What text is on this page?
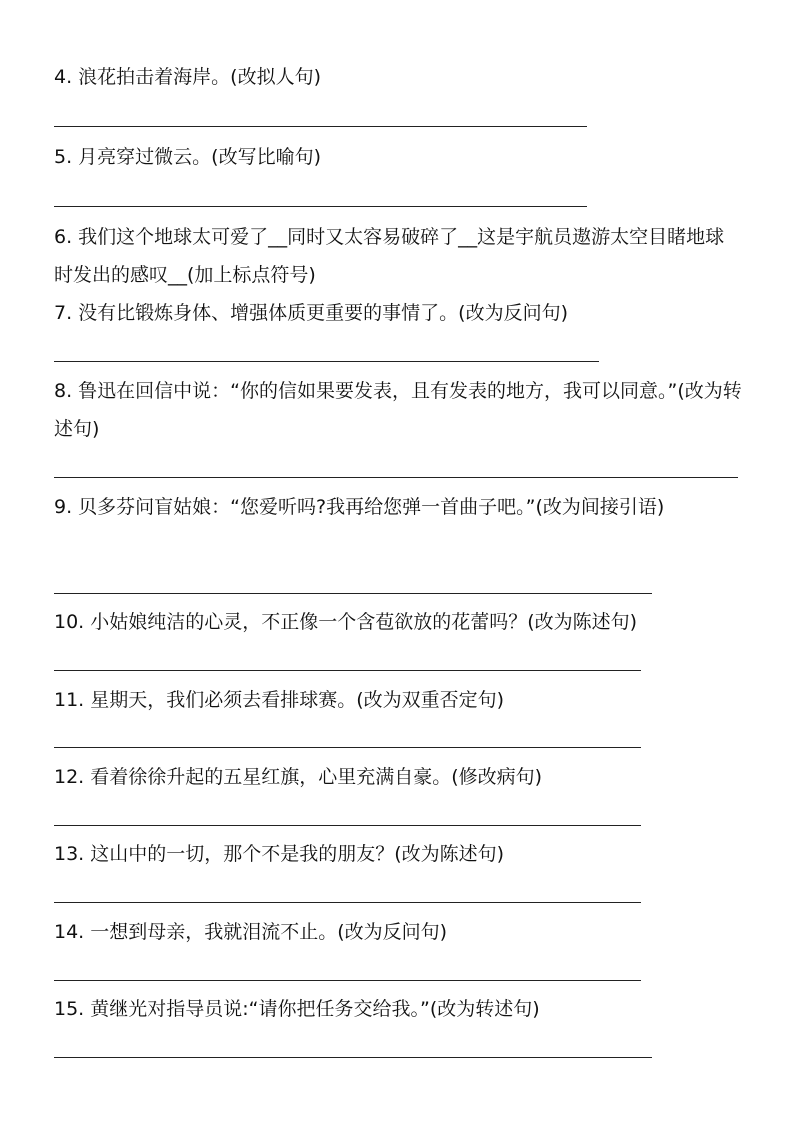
4. 浪花拍击着海岸。(改拟人句)

5. 月亮穿过微云。(改写比喻句)

6. 我们这个地球太可爱了__同时又太容易破碎了__这是宇航员遨游太空目睹地球时发出的感叹__(加上标点符号)

7. 没有比锻炼身体、增强体质更重要的事情了。(改为反问句)

8. 鲁迅在回信中说：“你的信如果要发表，且有发表的地方，我可以同意。”(改为转述句)

9. 贝多芬问盲姑娘：“您爱听吗?我再给您弹一首曲子吧。”(改为间接引语)

10. 小姑娘纯洁的心灵，不正像一个含苞欲放的花蕾吗？(改为陈述句)

11. 星期天，我们必须去看排球赛。(改为双重否定句)

12. 看着徐徐升起的五星红旗，心里充满自豪。(修改病句)

13. 这山中的一切，那个不是我的朋友？(改为陈述句)

14. 一想到母亲，我就泪流不止。(改为反问句)

15. 黄继光对指导员说:“请你把任务交给我。”(改为转述句)
